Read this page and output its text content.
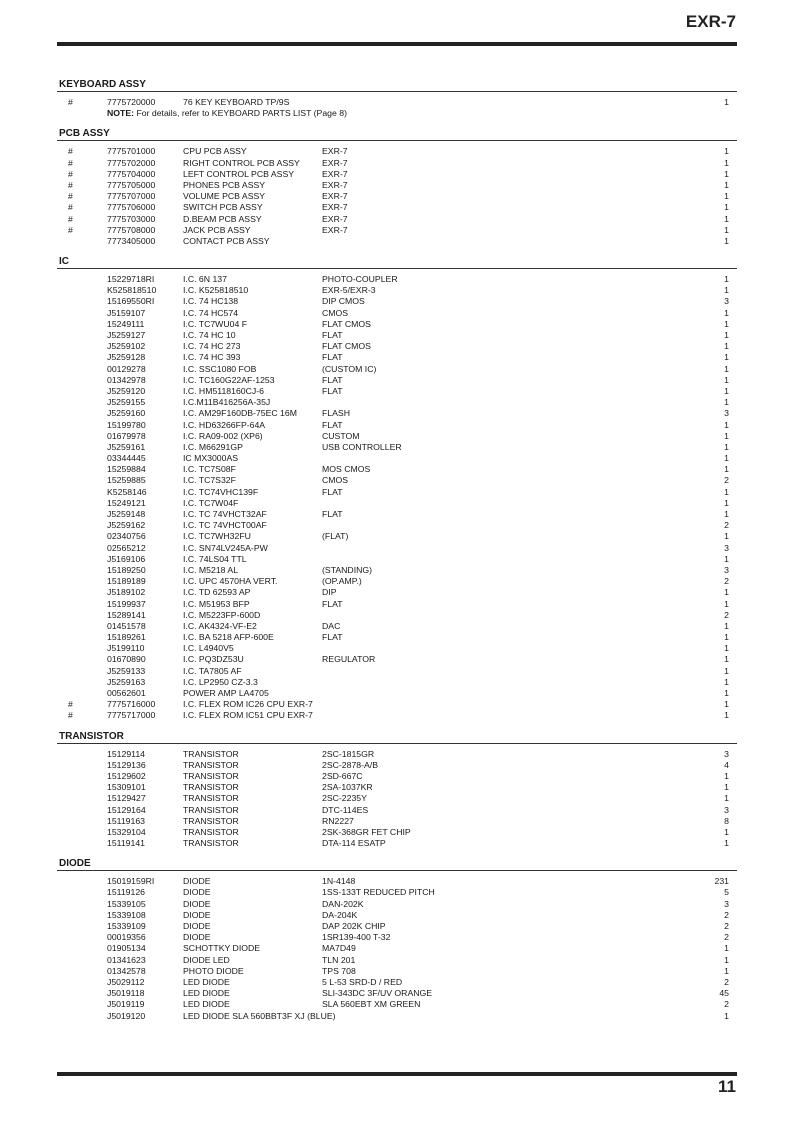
EXR-7
KEYBOARD ASSY
#	7775720000	76 KEY KEYBOARD TP/9S	1
NOTE: For details, refer to KEYBOARD PARTS LIST (Page 8)
PCB ASSY
#	7775701000	CPU PCB ASSY	EXR-7	1
#	7775702000	RIGHT CONTROL PCB ASSY	EXR-7	1
#	7775704000	LEFT CONTROL PCB ASSY	EXR-7	1
#	7775705000	PHONES PCB ASSY	EXR-7	1
#	7775707000	VOLUME PCB ASSY	EXR-7	1
#	7775706000	SWITCH PCB ASSY	EXR-7	1
#	7775703000	D.BEAM PCB ASSY	EXR-7	1
#	7775708000	JACK PCB ASSY	EXR-7	1
7773405000	CONTACT PCB ASSY	1
IC
15229718RI	I.C. 6N 137	PHOTO-COUPLER	1
K525818510	I.C. K525818510	EXR-5/EXR-3	1
15169550RI	I.C. 74 HC138	DIP CMOS	3
J5159107	I.C. 74 HC574	CMOS	1
15249111	I.C. TC7WU04 F	FLAT CMOS	1
J5259127	I.C. 74 HC 10	FLAT	1
J5259102	I.C. 74 HC 273	FLAT CMOS	1
J5259128	I.C. 74 HC 393	FLAT	1
00129278	I.C. SSC1080 FOB	(CUSTOM IC)	1
01342978	I.C. TC160G22AF-1253	FLAT	1
J5259120	I.C. HM5118160CJ-6	FLAT	1
J5259155	I.C.M11B416256A-35J	1
J5259160	I.C. AM29F160DB-75EC 16M	FLASH	3
15199780	I.C. HD63266FP-64A	FLAT	1
01679978	I.C. RA09-002 (XP6)	CUSTOM	1
J5259161	I.C. M66291GP	USB CONTROLLER	1
03344445	IC MX3000AS	1
15259884	I.C. TC7S08F	MOS CMOS	1
15259885	I.C. TC7S32F	CMOS	2
K5258146	I.C. TC74VHC139F	FLAT	1
15249121	I.C. TC7W04F	1
J5259148	I.C. TC 74VHCT32AF	FLAT	1
J5259162	I.C. TC 74VHCT00AF	2
02340756	I.C. TC7WH32FU	(FLAT)	1
02565212	I.C. SN74LV245A-PW	3
J5169106	I.C. 74LS04 TTL	1
15189250	I.C. M5218 AL	(STANDING)	3
15189189	I.C. UPC 4570HA VERT.	(OP.AMP.)	2
J5189102	I.C. TD 62593 AP	DIP	1
15199937	I.C. M51953 BFP	FLAT	1
15289141	I.C. M5223FP-600D	2
01451578	I.C. AK4324-VF-E2	DAC	1
15189261	I.C. BA 5218 AFP-600E	FLAT	1
J5199110	I.C. L4940V5	1
01670890	I.C. PQ3DZ53U	REGULATOR	1
J5259133	I.C. TA7805 AF	1
J5259163	I.C. LP2950 CZ-3.3	1
00562601	POWER AMP LA4705	1
#	7775716000	I.C. FLEX ROM IC26 CPU EXR-7	1
#	7775717000	I.C. FLEX ROM IC51 CPU EXR-7	1
TRANSISTOR
15129114	TRANSISTOR	2SC-1815GR	3
15129136	TRANSISTOR	2SC-2878-A/B	4
15129602	TRANSISTOR	2SD-667C	1
15309101	TRANSISTOR	2SA-1037KR	1
15129427	TRANSISTOR	2SC-2235Y	1
15129164	TRANSISTOR	DTC-114ES	3
15119163	TRANSISTOR	RN2227	8
15329104	TRANSISTOR	2SK-368GR FET CHIP	1
15119141	TRANSISTOR	DTA-114 ESATP	1
DIODE
15019159RI	DIODE	1N-4148	231
15119126	DIODE	1SS-133T REDUCED PITCH	5
15339105	DIODE	DAN-202K	3
15339108	DIODE	DA-204K	2
15339109	DIODE	DAP 202K CHIP	2
00019356	DIODE	1SR139-400 T-32	2
01905134	SCHOTTKY DIODE	MA7D49	1
01341623	DIODE LED	TLN 201	1
01342578	PHOTO DIODE	TPS 708	1
J5029112	LED DIODE	5 L-53 SRD-D / RED	2
J5019118	LED DIODE	SLI-343DC 3F/UV ORANGE	45
J5019119	LED DIODE	SLA 560EBT XM GREEN	2
J5019120	LED DIODE SLA 560BBT3F XJ (BLUE)	1
11
